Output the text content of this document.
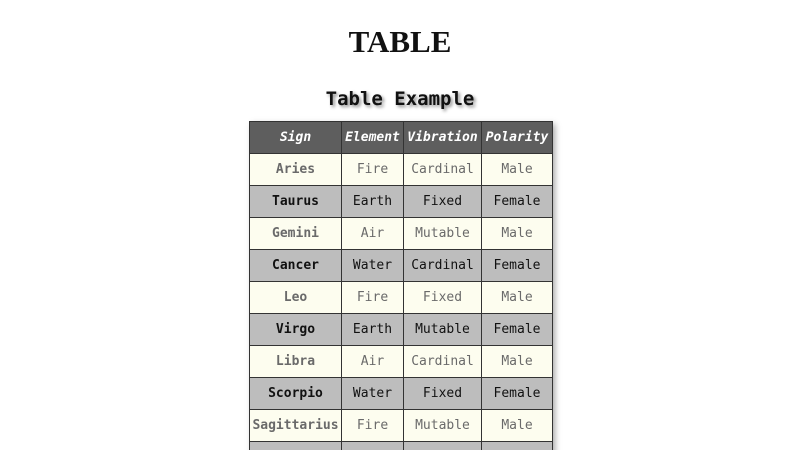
TABLE
Table Example
Sign	Element	Vibration	Polarity
Aries	Fire	Cardinal	Male
Taurus	Earth	Fixed	Female
Gemini	Air	Mutable	Male
Cancer	Water	Cardinal	Female
Leo	Fire	Fixed	Male
Virgo	Earth	Mutable	Female
Libra	Air	Cardinal	Male
Scorpio	Water	Fixed	Female
Sagittarius	Fire	Mutable	Male
